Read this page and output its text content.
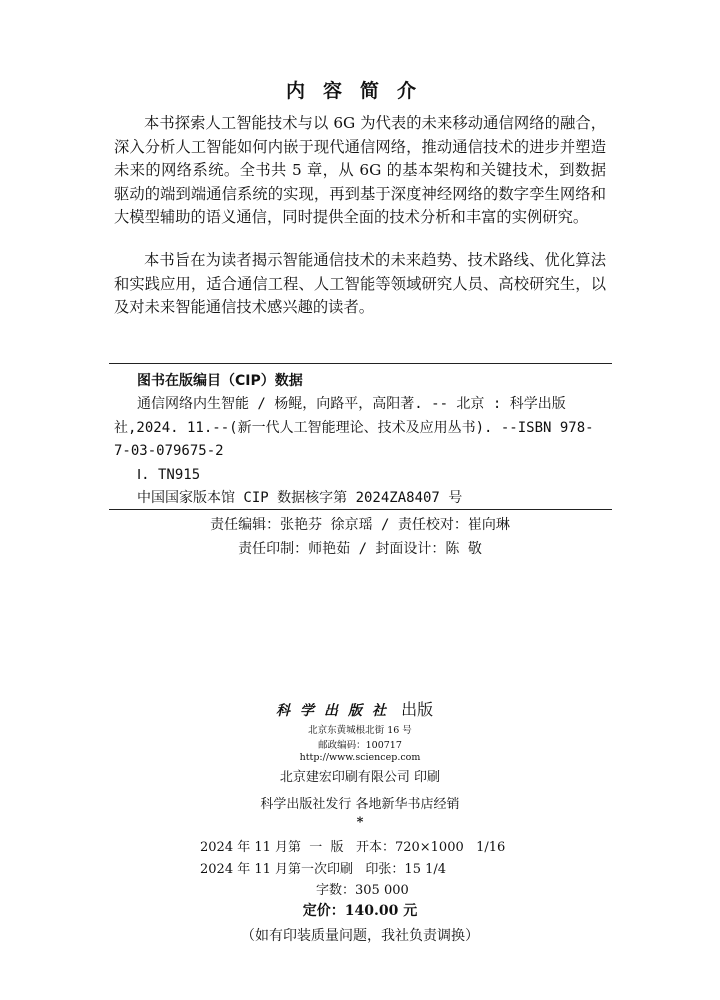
内容简介

本书探索人工智能技术与以 6G 为代表的未来移动通信网络的融合，深入分析人工智能如何内嵌于现代通信网络，推动通信技术的进步并塑造未来的网络系统。全书共 5 章，从 6G 的基本架构和关键技术，到数据驱动的端到端通信系统的实现，再到基于深度神经网络的数字孪生网络和大模型辅助的语义通信，同时提供全面的技术分析和丰富的实例研究。

本书旨在为读者揭示智能通信技术的未来趋势、技术路线、优化算法和实践应用，适合通信工程、人工智能等领域研究人员、高校研究生，以及对未来智能通信技术感兴趣的读者。

图书在版编目（CIP）数据
通信网络内生智能 / 杨鲲，向路平，高阳著. -- 北京 : 科学出版
社,2024. 11.--(新一代人工智能理论、技术及应用丛书). --ISBN 978-
7-03-079675-2
Ⅰ. TN915
中国国家版本馆 CIP 数据核字第 2024ZA8407 号
责任编辑：张艳芬 徐京瑶 / 责任校对：崔向琳
责任印制：师艳茹 / 封面设计：陈 敬
科学出版社 出版
北京东黄城根北街 16 号
邮政编码：100717
http://www.sciencep.com
北京建宏印刷有限公司 印刷
科学出版社发行 各地新华书店经销
*
2024 年 11 月第  一  版   开本：720×1000   1/16
2024 年 11 月第一次印刷   印张：15 1/4
字数：305 000
定价：140.00 元
（如有印装质量问题，我社负责调换）
